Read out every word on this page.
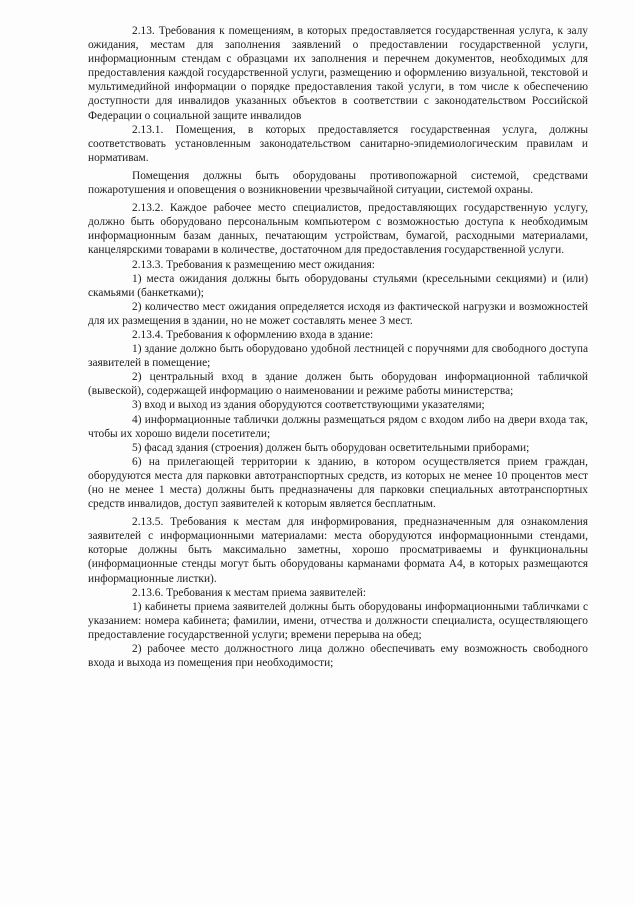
2.13. Требования к помещениям, в которых предоставляется государственная услуга, к залу ожидания, местам для заполнения заявлений о предоставлении государственной услуги, информационным стендам с образцами их заполнения и перечнем документов, необходимых для предоставления каждой государственной услуги, размещению и оформлению визуальной, текстовой и мультимедийной информации о порядке предоставления такой услуги, в том числе к обеспечению доступности для инвалидов указанных объектов в соответствии с законодательством Российской Федерации о социальной защите инвалидов

2.13.1. Помещения, в которых предоставляется государственная услуга, должны соответствовать установленным законодательством санитарно-эпидемиологическим правилам и нормативам.

Помещения должны быть оборудованы противопожарной системой, средствами пожаротушения и оповещения о возникновении чрезвычайной ситуации, системой охраны.

2.13.2. Каждое рабочее место специалистов, предоставляющих государственную услугу, должно быть оборудовано персональным компьютером с возможностью доступа к необходимым информационным базам данных, печатающим устройствам, бумагой, расходными материалами, канцелярскими товарами в количестве, достаточном для предоставления государственной услуги.

2.13.3. Требования к размещению мест ожидания:

1) места ожидания должны быть оборудованы стульями (кресельными секциями) и (или) скамьями (банкетками);

2) количество мест ожидания определяется исходя из фактической нагрузки и возможностей для их размещения в здании, но не может составлять менее 3 мест.

2.13.4. Требования к оформлению входа в здание:

1) здание должно быть оборудовано удобной лестницей с поручнями для свободного доступа заявителей в помещение;

2) центральный вход в здание должен быть оборудован информационной табличкой (вывеской), содержащей информацию о наименовании и режиме работы министерства;

3) вход и выход из здания оборудуются соответствующими указателями;

4) информационные таблички должны размещаться рядом с входом либо на двери входа так, чтобы их хорошо видели посетители;

5) фасад здания (строения) должен быть оборудован осветительными приборами;

6) на прилегающей территории к зданию, в котором осуществляется прием граждан, оборудуются места для парковки автотранспортных средств, из которых не менее 10 процентов мест (но не менее 1 места) должны быть предназначены для парковки специальных автотранспортных средств инвалидов, доступ заявителей к которым является бесплатным.

2.13.5. Требования к местам для информирования, предназначенным для ознакомления заявителей с информационными материалами: места оборудуются информационными стендами, которые должны быть максимально заметны, хорошо просматриваемы и функциональны (информационные стенды могут быть оборудованы карманами формата А4, в которых размещаются информационные листки).

2.13.6. Требования к местам приема заявителей:

1) кабинеты приема заявителей должны быть оборудованы информационными табличками с указанием: номера кабинета; фамилии, имени, отчества и должности специалиста, осуществляющего предоставление государственной услуги; времени перерыва на обед;

2) рабочее место должностного лица должно обеспечивать ему возможность свободного входа и выхода из помещения при необходимости;
